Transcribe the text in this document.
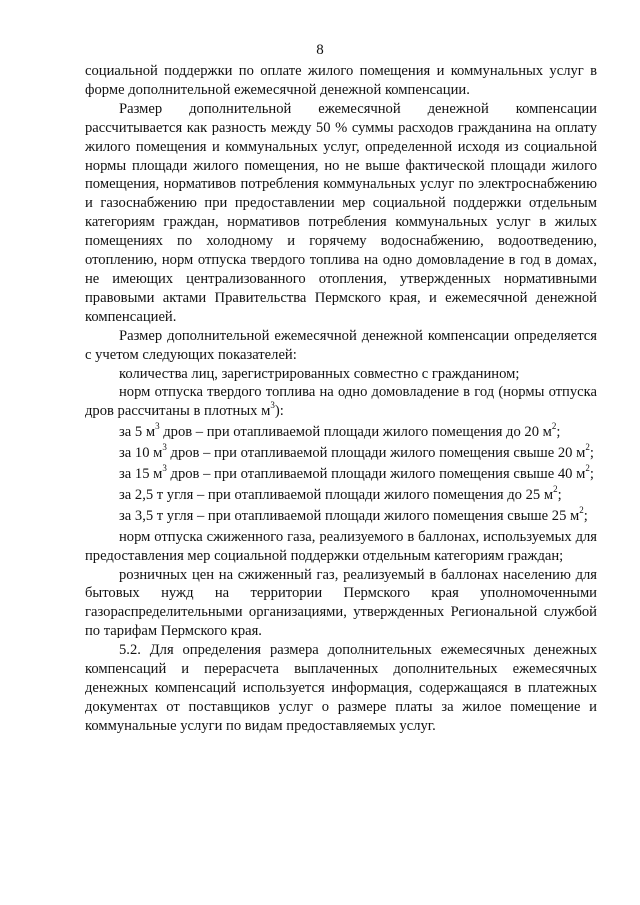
8

социальной поддержки по оплате жилого помещения и коммунальных услуг в форме дополнительной ежемесячной денежной компенсации.

Размер дополнительной ежемесячной денежной компенсации рассчитывается как разность между 50 % суммы расходов гражданина на оплату жилого помещения и коммунальных услуг, определенной исходя из социальной нормы площади жилого помещения, но не выше фактической площади жилого помещения, нормативов потребления коммунальных услуг по электроснабжению и газоснабжению при предоставлении мер социальной поддержки отдельным категориям граждан, нормативов потребления коммунальных услуг в жилых помещениях по холодному и горячему водоснабжению, водоотведению, отоплению, норм отпуска твердого топлива на одно домовладение в год в домах, не имеющих централизованного отопления, утвержденных нормативными правовыми актами Правительства Пермского края, и ежемесячной денежной компенсацией.

Размер дополнительной ежемесячной денежной компенсации определяется с учетом следующих показателей:

количества лиц, зарегистрированных совместно с гражданином;

норм отпуска твердого топлива на одно домовладение в год (нормы отпуска дров рассчитаны в плотных $м^3$):

за 5 $м^3$ дров – при отапливаемой площади жилого помещения до 20 $м^2$;

за 10 $м^3$ дров – при отапливаемой площади жилого помещения свыше 20 $м^2$;

за 15 $м^3$ дров – при отапливаемой площади жилого помещения свыше 40 $м^2$;

за 2,5 т угля – при отапливаемой площади жилого помещения до 25 $м^2$;

за 3,5 т угля – при отапливаемой площади жилого помещения свыше 25 $м^2$;

норм отпуска сжиженного газа, реализуемого в баллонах, используемых для предоставления мер социальной поддержки отдельным категориям граждан;

розничных цен на сжиженный газ, реализуемый в баллонах населению для бытовых нужд на территории Пермского края уполномоченными газораспределительными организациями, утвержденных Региональной службой по тарифам Пермского края.

5.2. Для определения размера дополнительных ежемесячных денежных компенсаций и перерасчета выплаченных дополнительных ежемесячных денежных компенсаций используется информация, содержащаяся в платежных документах от поставщиков услуг о размере платы за жилое помещение и коммунальные услуги по видам предоставляемых услуг.
